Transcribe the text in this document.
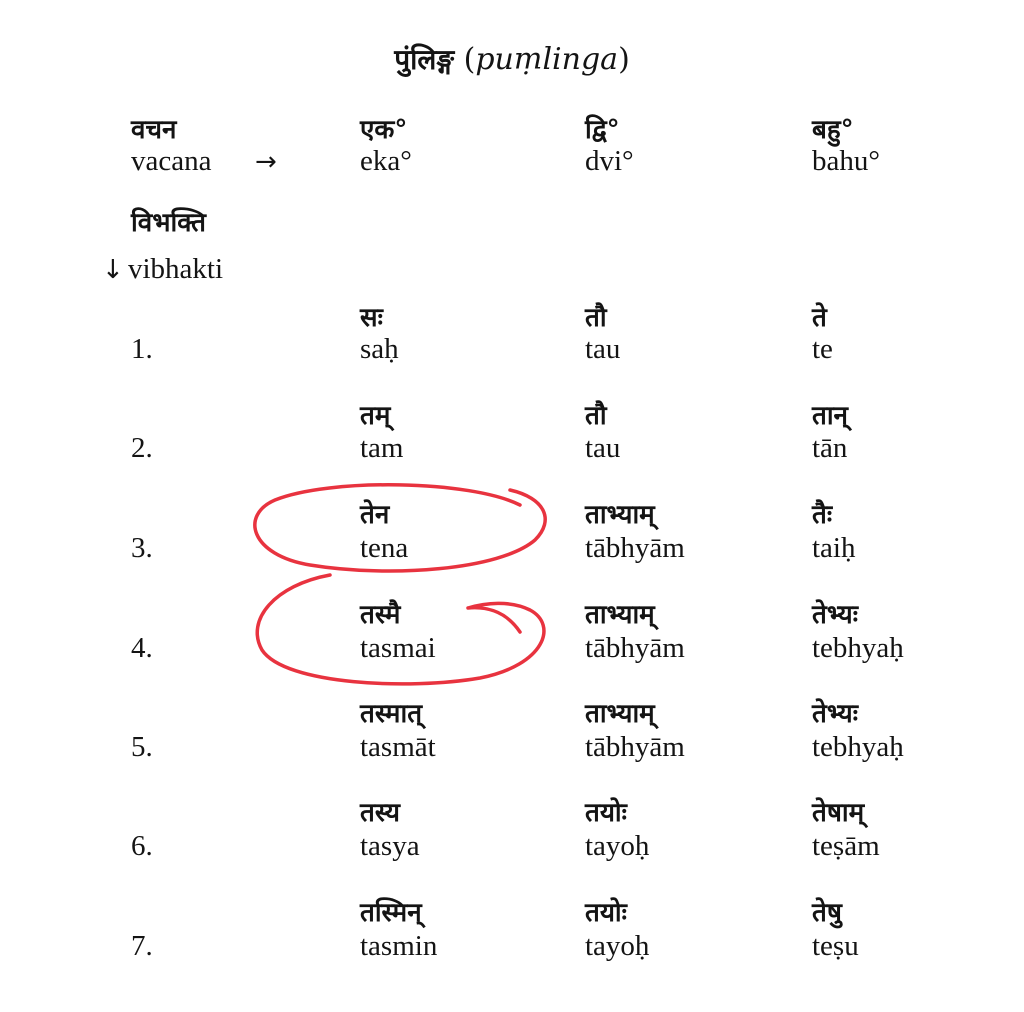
पुंलिङ्ग (puṃlinga)
वचन
vacana →
एक°
eka°
द्वि°
dvi°
बहु°
bahu°
विभक्ति
↓ vibhakti
1.
सः
saḥ
तौ
tau
ते
te
2.
तम्
tam
तौ
tau
तान्
tān
3.
तेन
tena
ताभ्याम्
tābhyām
तैः
taiḥ
4.
तस्मै
tasmai
ताभ्याम्
tābhyām
तेभ्यः
tebhyaḥ
5.
तस्मात्
tasmāt
ताभ्याम्
tābhyām
तेभ्यः
tebhyaḥ
6.
तस्य
tasya
तयोः
tayoḥ
तेषाम्
teṣām
7.
तस्मिन्
tasmin
तयोः
tayoḥ
तेषु
teṣu
